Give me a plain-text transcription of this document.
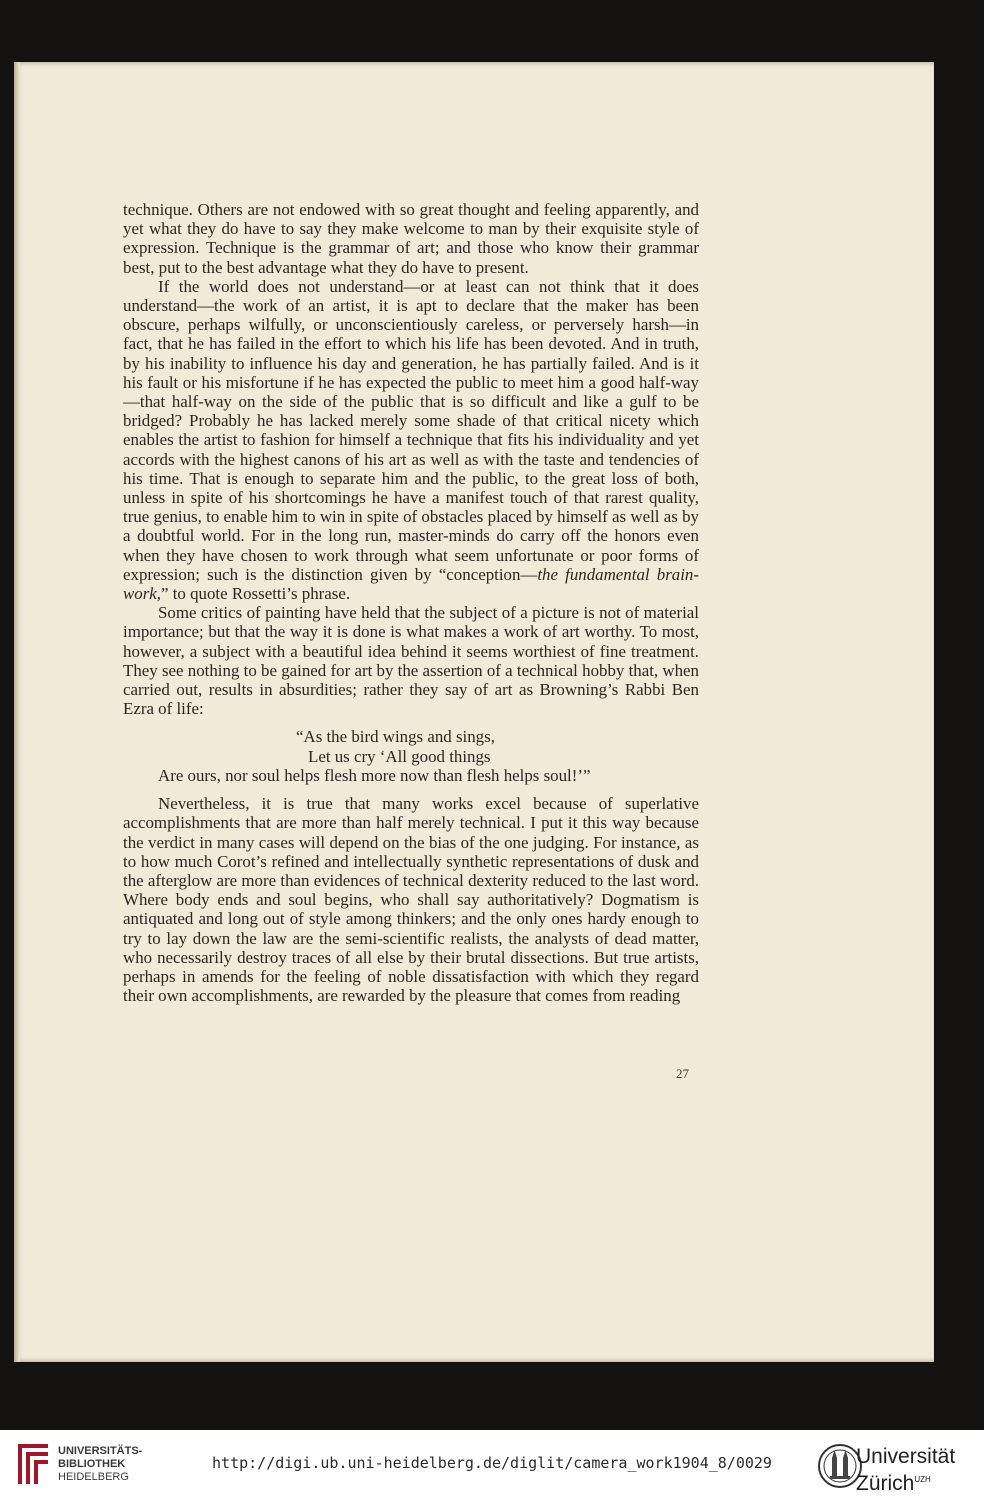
technique. Others are not endowed with so great thought and feeling apparently, and yet what they do have to say they make welcome to man by their exquisite style of expression. Technique is the grammar of art; and those who know their grammar best, put to the best advantage what they do have to present.

If the world does not understand—or at least can not think that it does understand—the work of an artist, it is apt to declare that the maker has been obscure, perhaps wilfully, or unconscientiously careless, or perversely harsh—in fact, that he has failed in the effort to which his life has been devoted. And in truth, by his inability to influence his day and generation, he has partially failed. And is it his fault or his misfortune if he has expected the public to meet him a good half-way—that half-way on the side of the public that is so difficult and like a gulf to be bridged? Probably he has lacked merely some shade of that critical nicety which enables the artist to fashion for himself a technique that fits his individuality and yet accords with the highest canons of his art as well as with the taste and tendencies of his time. That is enough to separate him and the public, to the great loss of both, unless in spite of his shortcomings he have a manifest touch of that rarest quality, true genius, to enable him to win in spite of obstacles placed by himself as well as by a doubtful world. For in the long run, master-minds do carry off the honors even when they have chosen to work through what seem unfortunate or poor forms of expression; such is the distinction given by “conception—the fundamental brain-work,” to quote Rossetti’s phrase.

Some critics of painting have held that the subject of a picture is not of material importance; but that the way it is done is what makes a work of art worthy. To most, however, a subject with a beautiful idea behind it seems worthiest of fine treatment. They see nothing to be gained for art by the assertion of a technical hobby that, when carried out, results in absurdities; rather they say of art as Browning’s Rabbi Ben Ezra of life:

“As the bird wings and sings,
Let us cry ‘All good things
Are ours, nor soul helps flesh more now than flesh helps soul!’”

Nevertheless, it is true that many works excel because of superlative accomplishments that are more than half merely technical. I put it this way because the verdict in many cases will depend on the bias of the one judging. For instance, as to how much Corot’s refined and intellectually synthetic representations of dusk and the afterglow are more than evidences of technical dexterity reduced to the last word. Where body ends and soul begins, who shall say authoritatively? Dogmatism is antiquated and long out of style among thinkers; and the only ones hardy enough to try to lay down the law are the semi-scientific realists, the analysts of dead matter, who necessarily destroy traces of all else by their brutal dissections. But true artists, perhaps in amends for the feeling of noble dissatisfaction with which they regard their own accomplishments, are rewarded by the pleasure that comes from reading

27
UNIVERSITÄTS-
BIBLIOTHEK
HEIDELBERG
http://digi.ub.uni-heidelberg.de/diglit/camera_work1904_8/0029	Universität
Zürich$^{UZH}$
